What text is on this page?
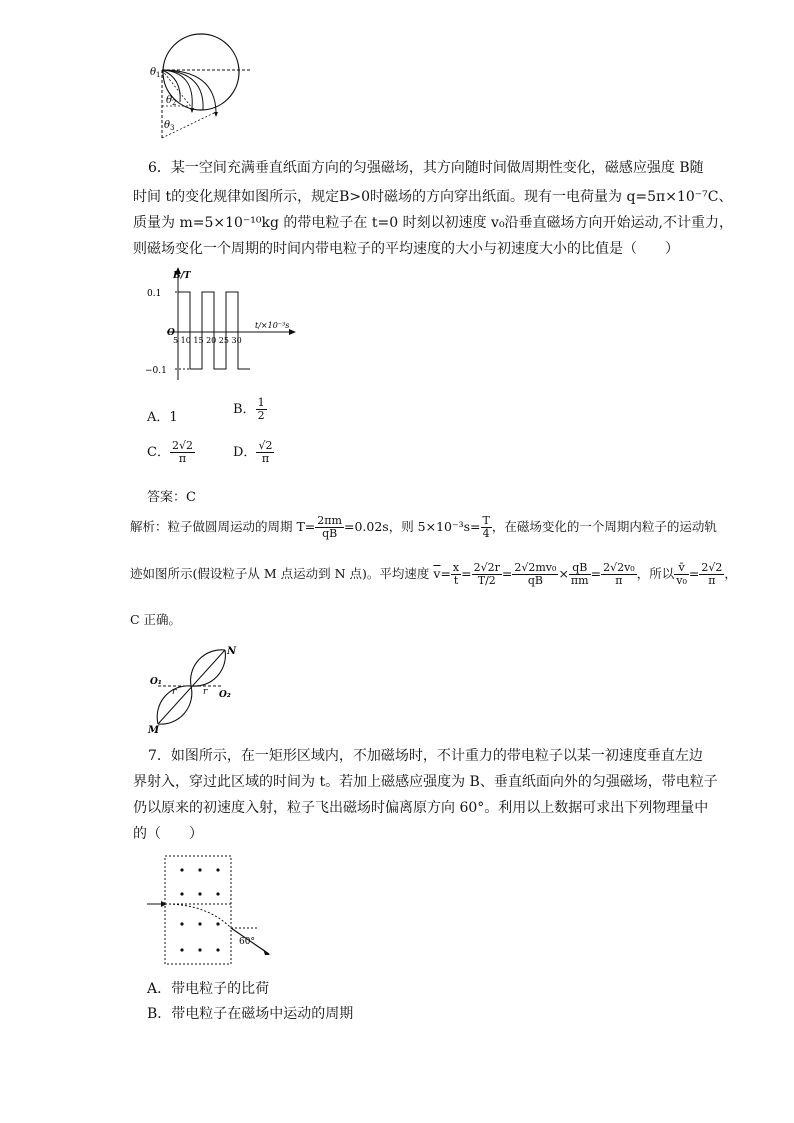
θ 1
θ 2
θ 3
6．某一空间充满垂直纸面方向的匀强磁场，其方向随时间做周期性变化，磁感应强度 B随
时间 t的变化规律如图所示，规定B>0时磁场的方向穿出纸面。现有一电荷量为 q=5π×10⁻⁷C、
质量为 m=5×10⁻¹⁰kg 的带电粒子在 t=0 时刻以初速度 v₀沿垂直磁场方向开始运动,不计重力，
则磁场变化一个周期的时间内带电粒子的平均速度的大小与初速度大小的比值是（　　）
B/T
t/×10⁻³s
0.1
−0.1
O
5 10 15 20 25 30
A．1
B． $\frac{1}{2}$
C． $\frac{2√2}{\pi}$	D． $\frac{√2}{\pi}$
答案：C
解析：粒子做圆周运动的周期 $T= \frac{2\pi m}{qB} =0.02s$，则 $5\times 10^{-3}s= \frac{T}{4}$ ，在磁场变化的一个周期内粒子的运动轨
迹如图所示(假设粒子从 M 点运动到 N 点)。平均速度 $\overline{v}= \frac{x}{t} = \frac{2√2r}{T/2} = \frac{\text{2√2mv₀}}{qB} \times \frac{qB}{\pi m} = \frac{\text{2√2v₀}}{\pi}$ ，所以 $\frac{v̄}{\text{v₀}} = \frac{2√2}{\pi}$ ，
C 正确。
N
M
O₁
O₂
r	r
7．如图所示，在一矩形区域内，不加磁场时，不计重力的带电粒子以某一初速度垂直左边
界射入，穿过此区域的时间为 t。若加上磁感应强度为 B、垂直纸面向外的匀强磁场，带电粒子
仍以原来的初速度入射，粒子飞出磁场时偏离原方向 60°。利用以上数据可求出下列物理量中
的（　　）
60°
A．带电粒子的比荷
B．带电粒子在磁场中运动的周期
